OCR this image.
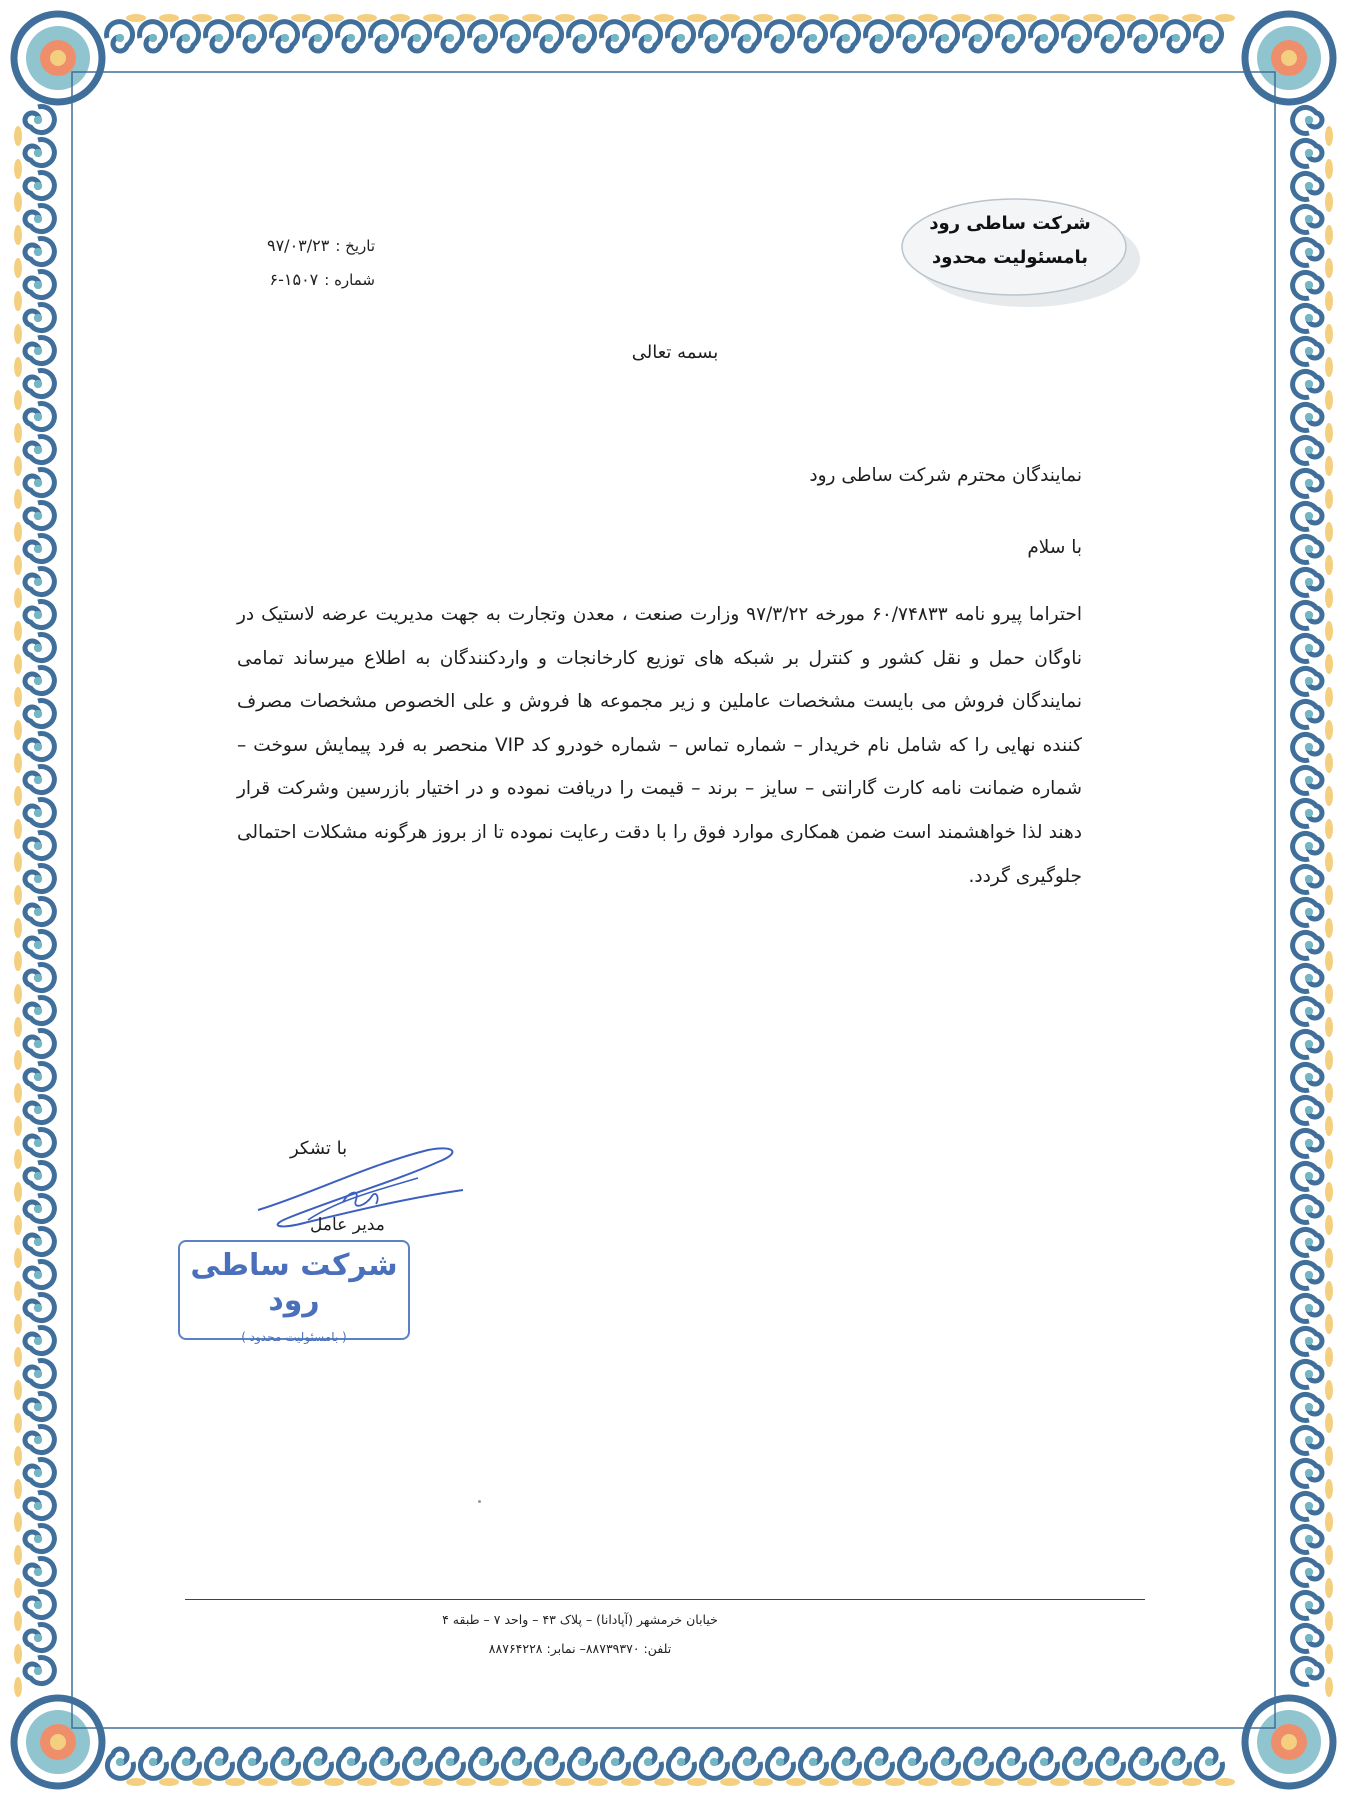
شرکت ساطی رود
بامسئولیت محدود
تاریخ :۹۷/۰۳/۲۳
شماره :۱۵۰۷-۶
بسمه تعالی
نمایندگان محترم شرکت ساطی رود
با سلام
احتراما پیرو نامه ۶۰/۷۴۸۳۳ مورخه ۹۷/۳/۲۲ وزارت صنعت ، معدن وتجارت به جهت مدیریت عرضه لاستیک در ناوگان حمل و نقل کشور و کنترل بر شبکه های توزیع کارخانجات و واردکنندگان به اطلاع میرساند تمامی نمایندگان فروش می بایست مشخصات عاملین و زیر مجموعه ها فروش و علی الخصوص مشخصات مصرف کننده نهایی را که شامل نام خریدار – شماره تماس – شماره خودرو کد VIP منحصر به فرد پیمایش سوخت – شماره ضمانت نامه کارت گارانتی – سایز – برند – قیمت را دریافت نموده و در اختیار بازرسین وشرکت قرار دهند لذا خواهشمند است ضمن همکاری موارد فوق را با دقت رعایت نموده تا از بروز هرگونه مشکلات احتمالی جلوگیری گردد.
با تشکر
مدیر عامل
شرکت ساطی رود
( بامسئولیت محدود )
خیابان خرمشهر (آپادانا) – پلاک ۴۳ – واحد ۷ – طبقه ۴
تلفن: ۸۸۷۳۹۳۷۰– نمابر: ۸۸۷۶۴۲۲۸
